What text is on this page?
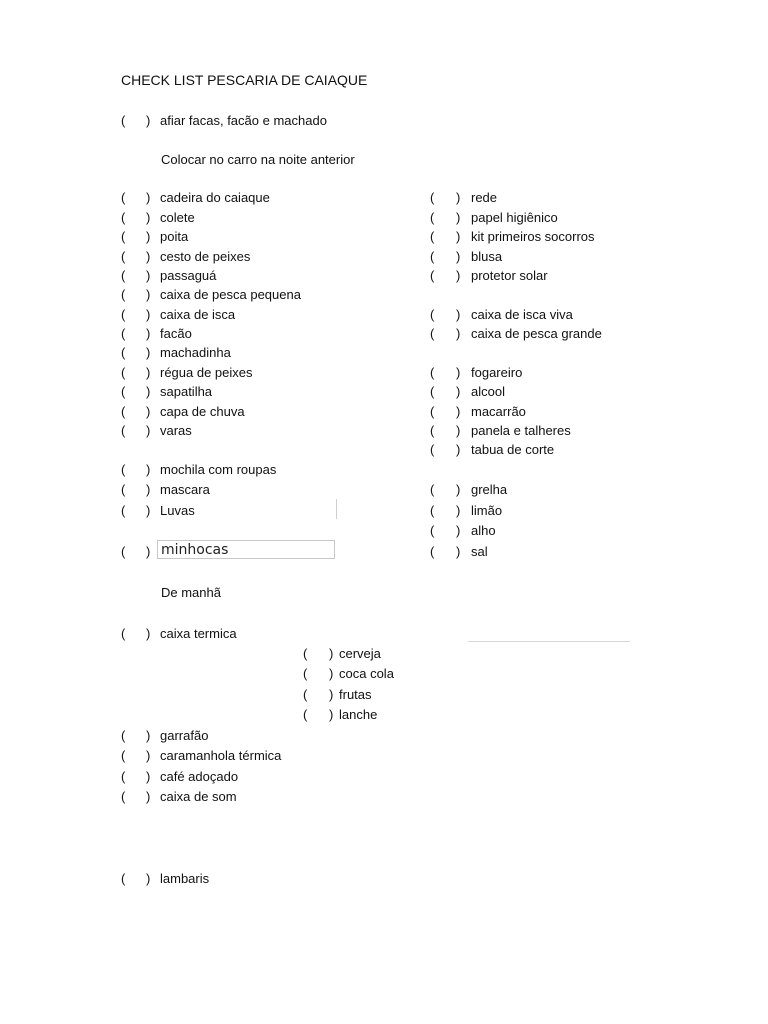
CHECK LIST PESCARIA DE CAIAQUE
( ) afiar facas, facão e machado
Colocar no carro na noite anterior
( ) cadeira do caiaque
( ) colete
( ) poita
( ) cesto de peixes
( ) passaguá
( ) caixa de pesca pequena
( ) caixa de isca
( ) facão
( ) machadinha
( ) régua de peixes
( ) sapatilha
( ) capa de chuva
( ) varas
( ) mochila com roupas
( ) mascara
( ) Luvas
( ) rede
( ) papel higiênico
( ) kit primeiros socorros
( ) blusa
( ) protetor solar
( ) caixa de isca viva
( ) caixa de pesca grande
( ) fogareiro
( ) alcool
( ) macarrão
( ) panela e talheres
( ) tabua de corte
( ) grelha
( ) limão
( ) alho
( ) sal
( ) minhocas
De manhã
( ) caixa termica
( ) cerveja
( ) coca cola
( ) frutas
( ) lanche
( ) garrafão
( ) caramanhola térmica
( ) café adoçado
( ) caixa de som
( ) lambaris
